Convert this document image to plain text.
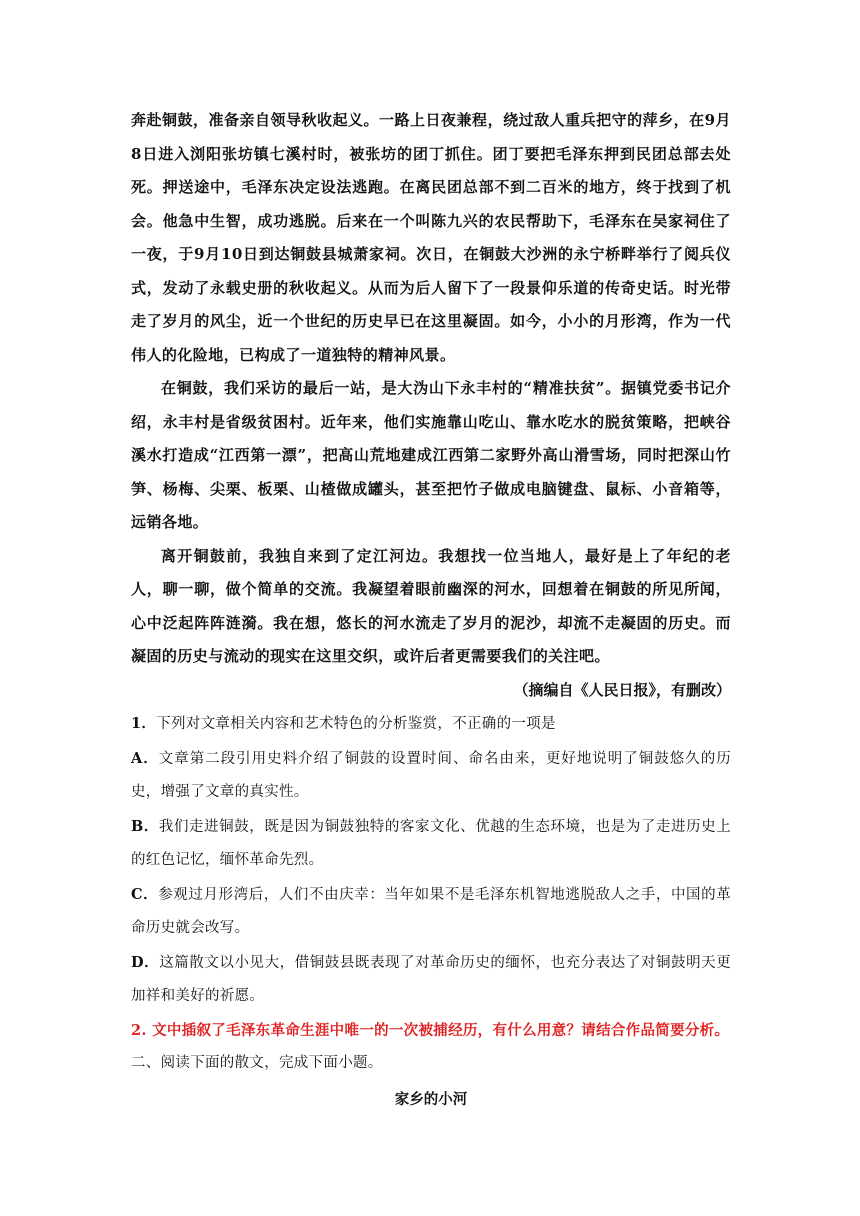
奔赴铜鼓，准备亲自领导秋收起义。一路上日夜兼程，绕过敌人重兵把守的萍乡，在9月8日进入浏阳张坊镇七溪村时，被张坊的团丁抓住。团丁要把毛泽东押到民团总部去处死。押送途中，毛泽东决定设法逃跑。在离民团总部不到二百米的地方，终于找到了机会。他急中生智，成功逃脱。后来在一个叫陈九兴的农民帮助下，毛泽东在吴家祠住了一夜，于9月10日到达铜鼓县城萧家祠。次日，在铜鼓大沙洲的永宁桥畔举行了阅兵仪式，发动了永载史册的秋收起义。从而为后人留下了一段景仰乐道的传奇史话。时光带走了岁月的风尘，近一个世纪的历史早已在这里凝固。如今，小小的月形湾，作为一代伟人的化险地，已构成了一道独特的精神风景。

在铜鼓，我们采访的最后一站，是大沩山下永丰村的“精准扶贫”。据镇党委书记介绍，永丰村是省级贫困村。近年来，他们实施靠山吃山、靠水吃水的脱贫策略，把峡谷溪水打造成“江西第一漂”，把高山荒地建成江西第二家野外高山滑雪场，同时把深山竹笋、杨梅、尖栗、板栗、山楂做成罐头，甚至把竹子做成电脑键盘、鼠标、小音箱等，远销各地。

离开铜鼓前，我独自来到了定江河边。我想找一位当地人，最好是上了年纪的老人，聊一聊，做个简单的交流。我凝望着眼前幽深的河水，回想着在铜鼓的所见所闻，心中泛起阵阵涟漪。我在想，悠长的河水流走了岁月的泥沙，却流不走凝固的历史。而凝固的历史与流动的现实在这里交织，或许后者更需要我们的关注吧。

（摘编自《人民日报》，有删改）

1．下列对文章相关内容和艺术特色的分析鉴赏，不正确的一项是

A．文章第二段引用史料介绍了铜鼓的设置时间、命名由来，更好地说明了铜鼓悠久的历史，增强了文章的真实性。

B．我们走进铜鼓，既是因为铜鼓独特的客家文化、优越的生态环境，也是为了走进历史上的红色记忆，缅怀革命先烈。

C．参观过月形湾后，人们不由庆幸：当年如果不是毛泽东机智地逃脱敌人之手，中国的革命历史就会改写。

D．这篇散文以小见大，借铜鼓县既表现了对革命历史的缅怀，也充分表达了对铜鼓明天更加祥和美好的祈愿。

2. 文中插叙了毛泽东革命生涯中唯一的一次被捕经历，有什么用意？请结合作品简要分析。

二、阅读下面的散文，完成下面小题。

家乡的小河
